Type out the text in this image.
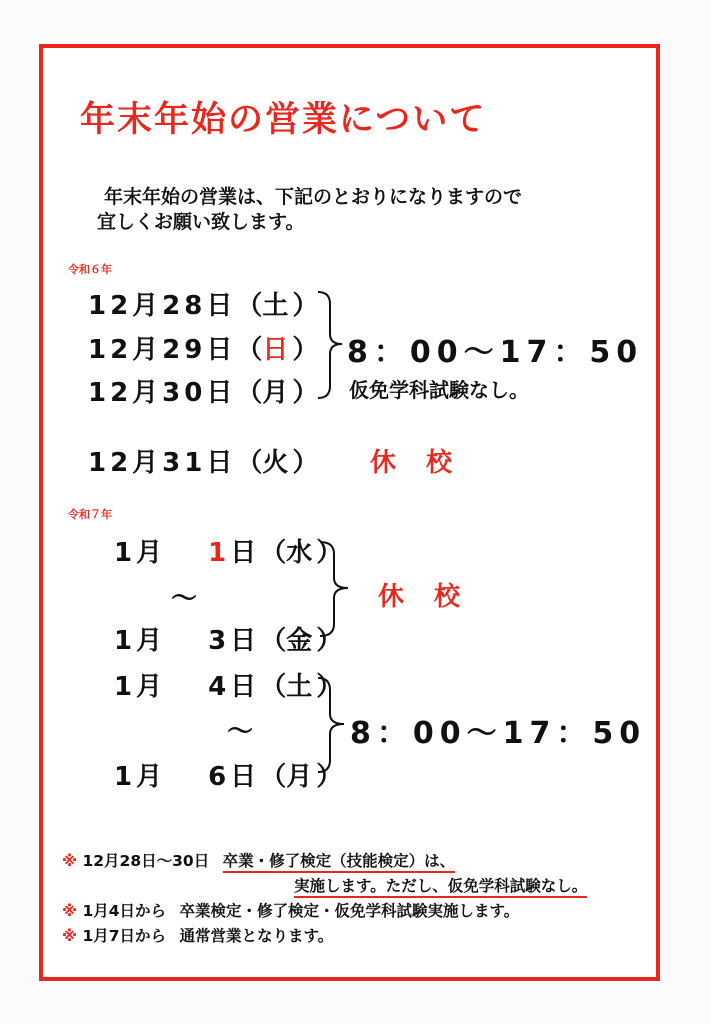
年末年始の営業について
年末年始の営業は、下記のとおりになりますので
宜しくお願い致します。
令和６年
12月28日（土）
12月29日（日）
12月30日（月）
8：00～17：50
仮免学科試験なし。
12月31日（火） 休校
令和７年
1月 1日（水）
～
1月 3日（金）
休校
1月 4日（土）
～
1月 6日（月）
8：00～17：50
※ 12月28日～30日 卒業・修了検定（技能検定）は、
実施します。ただし、仮免学科試験なし。
※ 1月4日から 卒業検定・修了検定・仮免学科試験実施します。
※ 1月7日から 通常営業となります。
